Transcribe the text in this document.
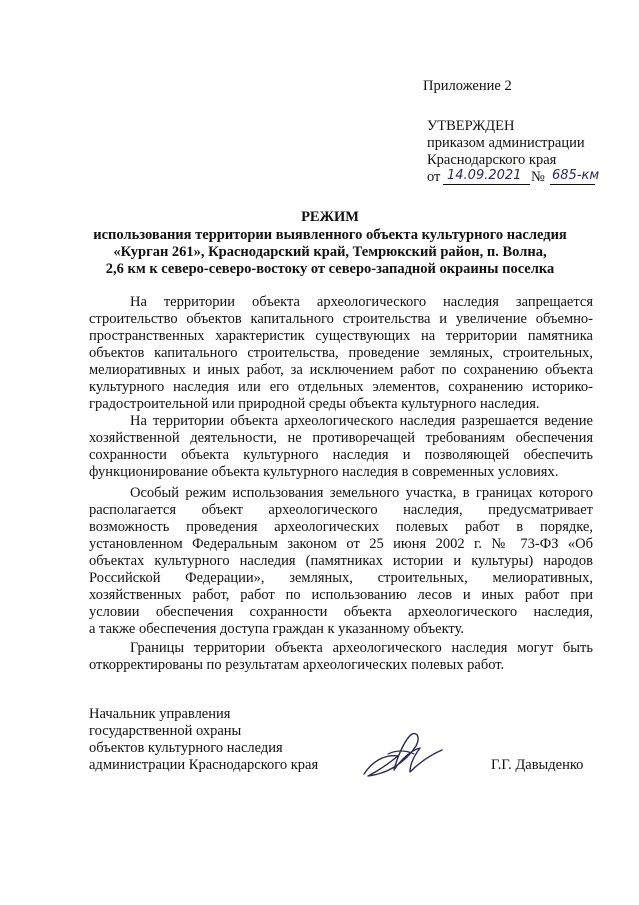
Приложение 2
УТВЕРЖДЕН
приказом администрации
Краснодарского края
от 14.09.2021 № 685-км
РЕЖИМ
использования территории выявленного объекта культурного наследия
«Курган 261», Краснодарский край, Темрюкский район, п. Волна,
2,6 км к северо-северо-востоку от северо-западной окраины поселка
На территории объекта археологического наследия запрещается
строительство объектов капитального строительства и увеличение объемно-
пространственных характеристик существующих на территории памятника
объектов капитального строительства, проведение земляных, строительных,
мелиоративных и иных работ, за исключением работ по сохранению объекта
культурного наследия или его отдельных элементов, сохранению историко-
градостроительной или природной среды объекта культурного наследия.
На территории объекта археологического наследия разрешается ведение
хозяйственной деятельности, не противоречащей требованиям обеспечения
сохранности объекта культурного наследия и позволяющей обеспечить
функционирование объекта культурного наследия в современных условиях.
Особый режим использования земельного участка, в границах которого
располагается объект археологического наследия, предусматривает
возможность проведения археологических полевых работ в порядке,
установленном Федеральным законом от 25 июня 2002 г. № 73-ФЗ «Об
объектах культурного наследия (памятниках истории и культуры) народов
Российской Федерации», земляных, строительных, мелиоративных,
хозяйственных работ, работ по использованию лесов и иных работ при
условии обеспечения сохранности объекта археологического наследия,
а также обеспечения доступа граждан к указанному объекту.
Границы территории объекта археологического наследия могут быть
откорректированы по результатам археологических полевых работ.
Начальник управления
государственной охраны
объектов культурного наследия
администрации Краснодарского края	Г.Г. Давыденко
